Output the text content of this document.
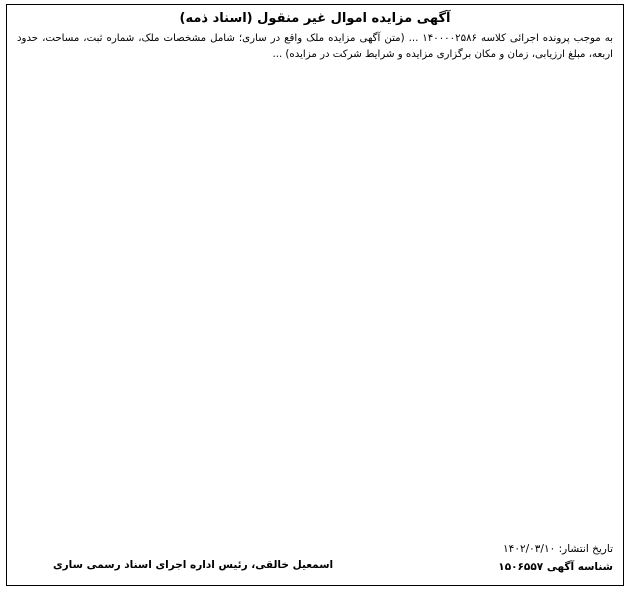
آگهی مزایده اموال غیر منقول (اسناد ذمه)
به موجب پرونده اجرائی کلاسه ۱۴۰۰۰۰۲۵۸۶ ... (متن آگهی مزایده ملک واقع در ساری؛ شامل مشخصات ملک، شماره ثبت، مساحت، حدود اربعه، مبلغ ارزیابی، زمان و مکان برگزاری مزایده و شرایط شرکت در مزایده) ...
تاریخ انتشار: ۱۴۰۲/۰۳/۱۰
اسمعیل خالقی، رئیس اداره اجرای اسناد رسمی ساری	شناسه آگهی ۱۵۰۶۵۵۷
